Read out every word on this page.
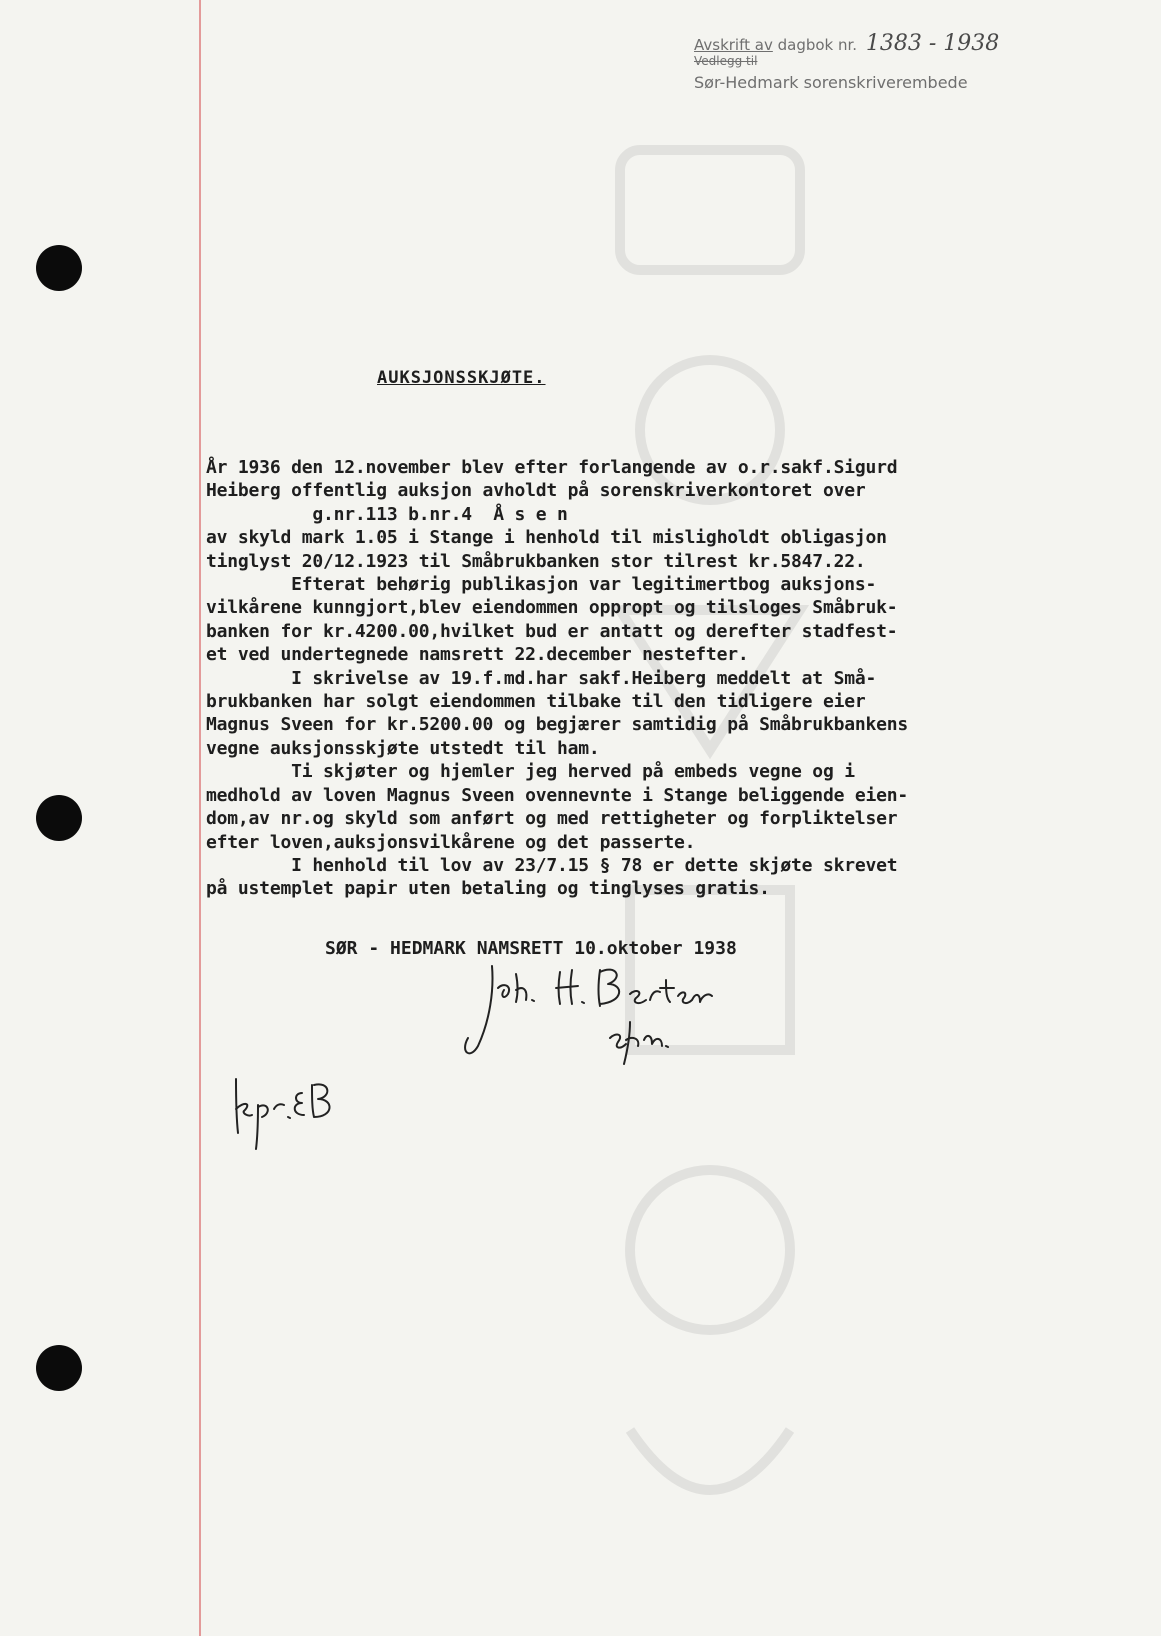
Avskrift av dagbok nr. 1383 - 1938
Vedlegg til
Sør-Hedmark sorenskriverembede
AUKSJONSSKJØTE.
År 1936 den 12.november blev efter forlangende av o.r.sakf.Sigurd
Heiberg offentlig auksjon avholdt på sorenskriverkontoret over
g.nr.113 b.nr.4  Å s e n
av skyld mark 1.05 i Stange i henhold til misligholdt obligasjon
tinglyst 20/12.1923 til Småbrukbanken stor tilrest kr.5847.22.
Efterat behørig publikasjon var legitimertbog auksjons-
vilkårene kunngjort,blev eiendommen oppropt og tilsloges Småbruk-
banken for kr.4200.00,hvilket bud er antatt og derefter stadfest-
et ved undertegnede namsrett 22.december nestefter.
I skrivelse av 19.f.md.har sakf.Heiberg meddelt at Små-
brukbanken har solgt eiendommen tilbake til den tidligere eier
Magnus Sveen for kr.5200.00 og begjærer samtidig på Småbrukbankens
vegne auksjonsskjøte utstedt til ham.
Ti skjøter og hjemler jeg herved på embeds vegne og i
medhold av loven Magnus Sveen ovennevnte i Stange beliggende eien-
dom,av nr.og skyld som anført og med rettigheter og forpliktelser
efter loven,auksjonsvilkårene og det passerte.
I henhold til lov av 23/7.15 § 78 er dette skjøte skrevet
på ustemplet papir uten betaling og tinglyses gratis.
SØR - HEDMARK NAMSRETT 10.oktober 1938
